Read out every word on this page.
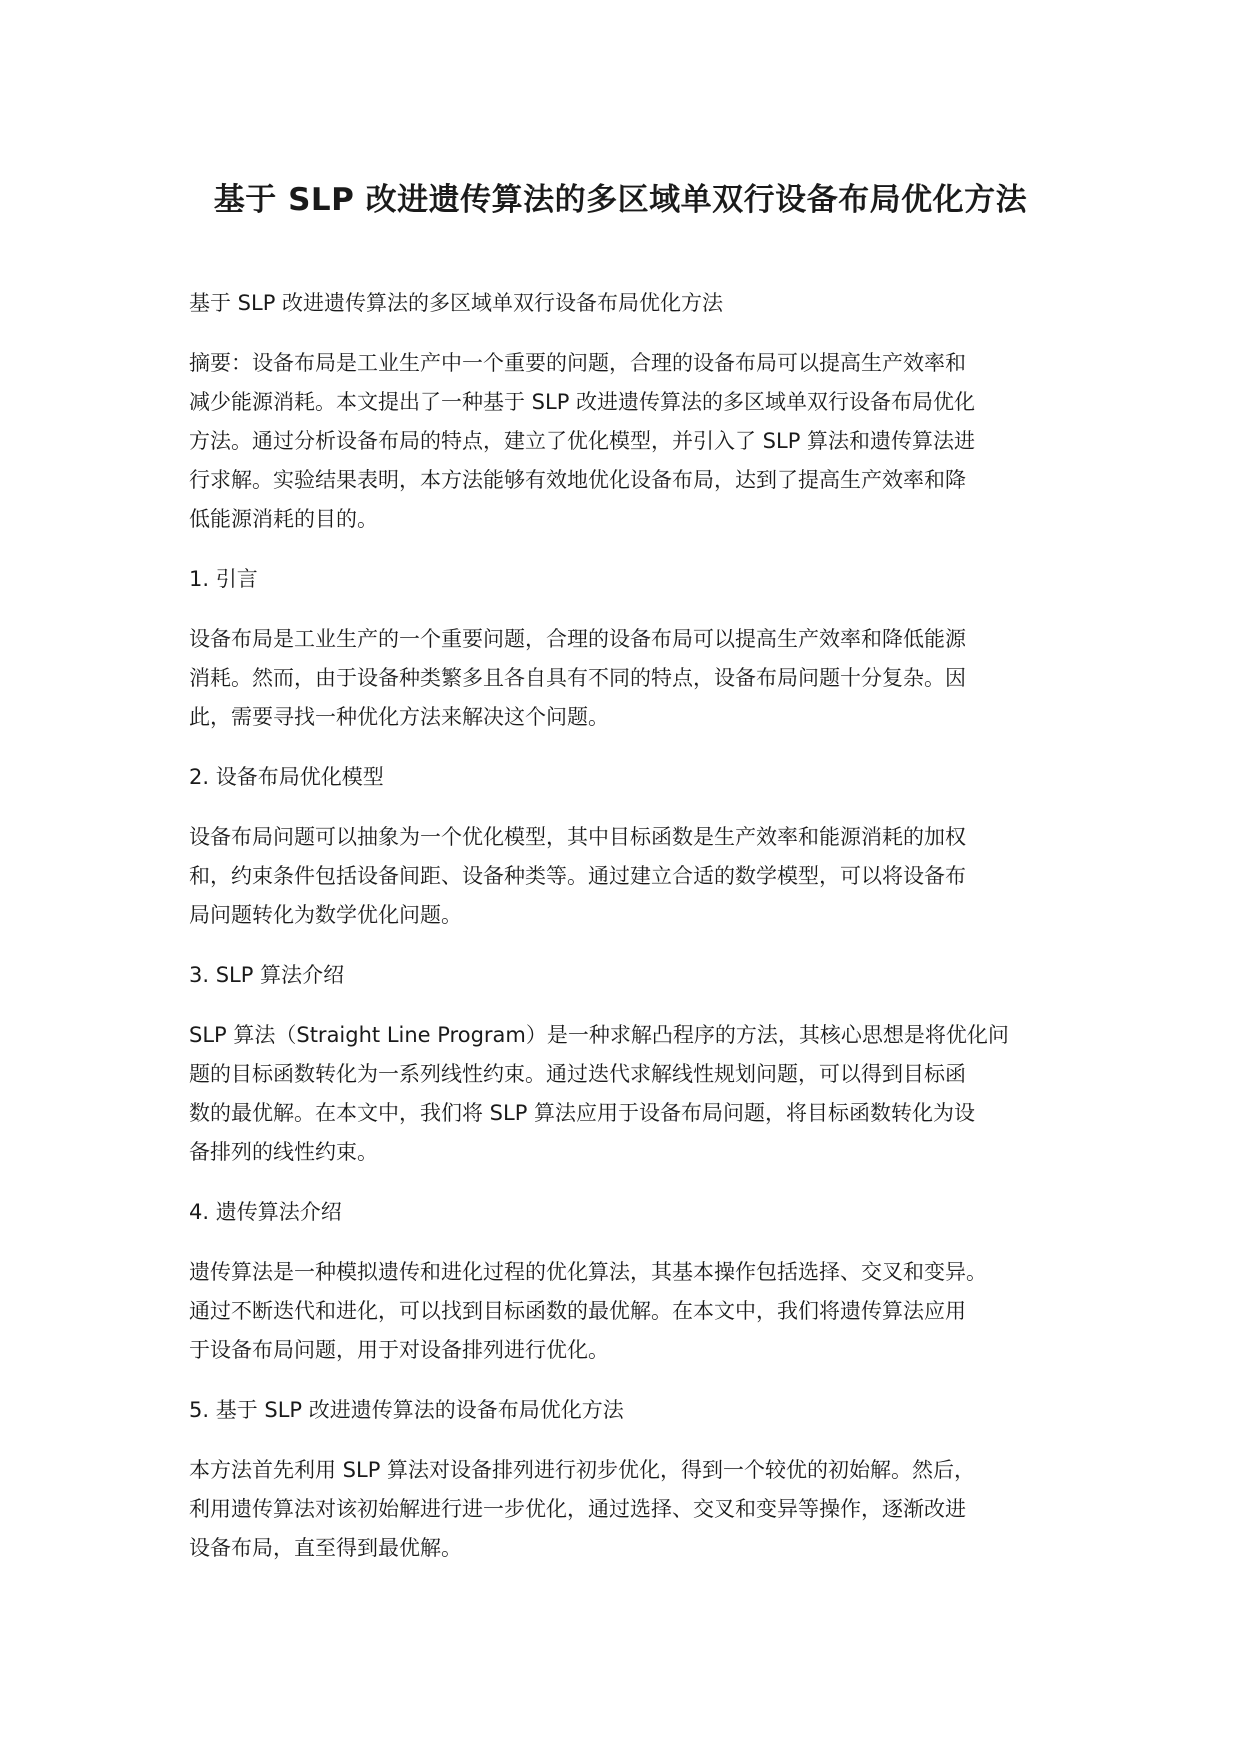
基于 SLP 改进遗传算法的多区域单双行设备布局优化方法

基于 SLP 改进遗传算法的多区域单双行设备布局优化方法

摘要：设备布局是工业生产中一个重要的问题，合理的设备布局可以提高生产效率和
减少能源消耗。本文提出了一种基于 SLP 改进遗传算法的多区域单双行设备布局优化
方法。通过分析设备布局的特点，建立了优化模型，并引入了 SLP 算法和遗传算法进
行求解。实验结果表明，本方法能够有效地优化设备布局，达到了提高生产效率和降
低能源消耗的目的。

1. 引言

设备布局是工业生产的一个重要问题，合理的设备布局可以提高生产效率和降低能源
消耗。然而，由于设备种类繁多且各自具有不同的特点，设备布局问题十分复杂。因
此，需要寻找一种优化方法来解决这个问题。

2. 设备布局优化模型

设备布局问题可以抽象为一个优化模型，其中目标函数是生产效率和能源消耗的加权
和，约束条件包括设备间距、设备种类等。通过建立合适的数学模型，可以将设备布
局问题转化为数学优化问题。

3. SLP 算法介绍

SLP 算法（Straight Line Program）是一种求解凸程序的方法，其核心思想是将优化问
题的目标函数转化为一系列线性约束。通过迭代求解线性规划问题，可以得到目标函
数的最优解。在本文中，我们将 SLP 算法应用于设备布局问题，将目标函数转化为设
备排列的线性约束。

4. 遗传算法介绍

遗传算法是一种模拟遗传和进化过程的优化算法，其基本操作包括选择、交叉和变异。
通过不断迭代和进化，可以找到目标函数的最优解。在本文中，我们将遗传算法应用
于设备布局问题，用于对设备排列进行优化。

5. 基于 SLP 改进遗传算法的设备布局优化方法

本方法首先利用 SLP 算法对设备排列进行初步优化，得到一个较优的初始解。然后，
利用遗传算法对该初始解进行进一步优化，通过选择、交叉和变异等操作，逐渐改进
设备布局，直至得到最优解。
